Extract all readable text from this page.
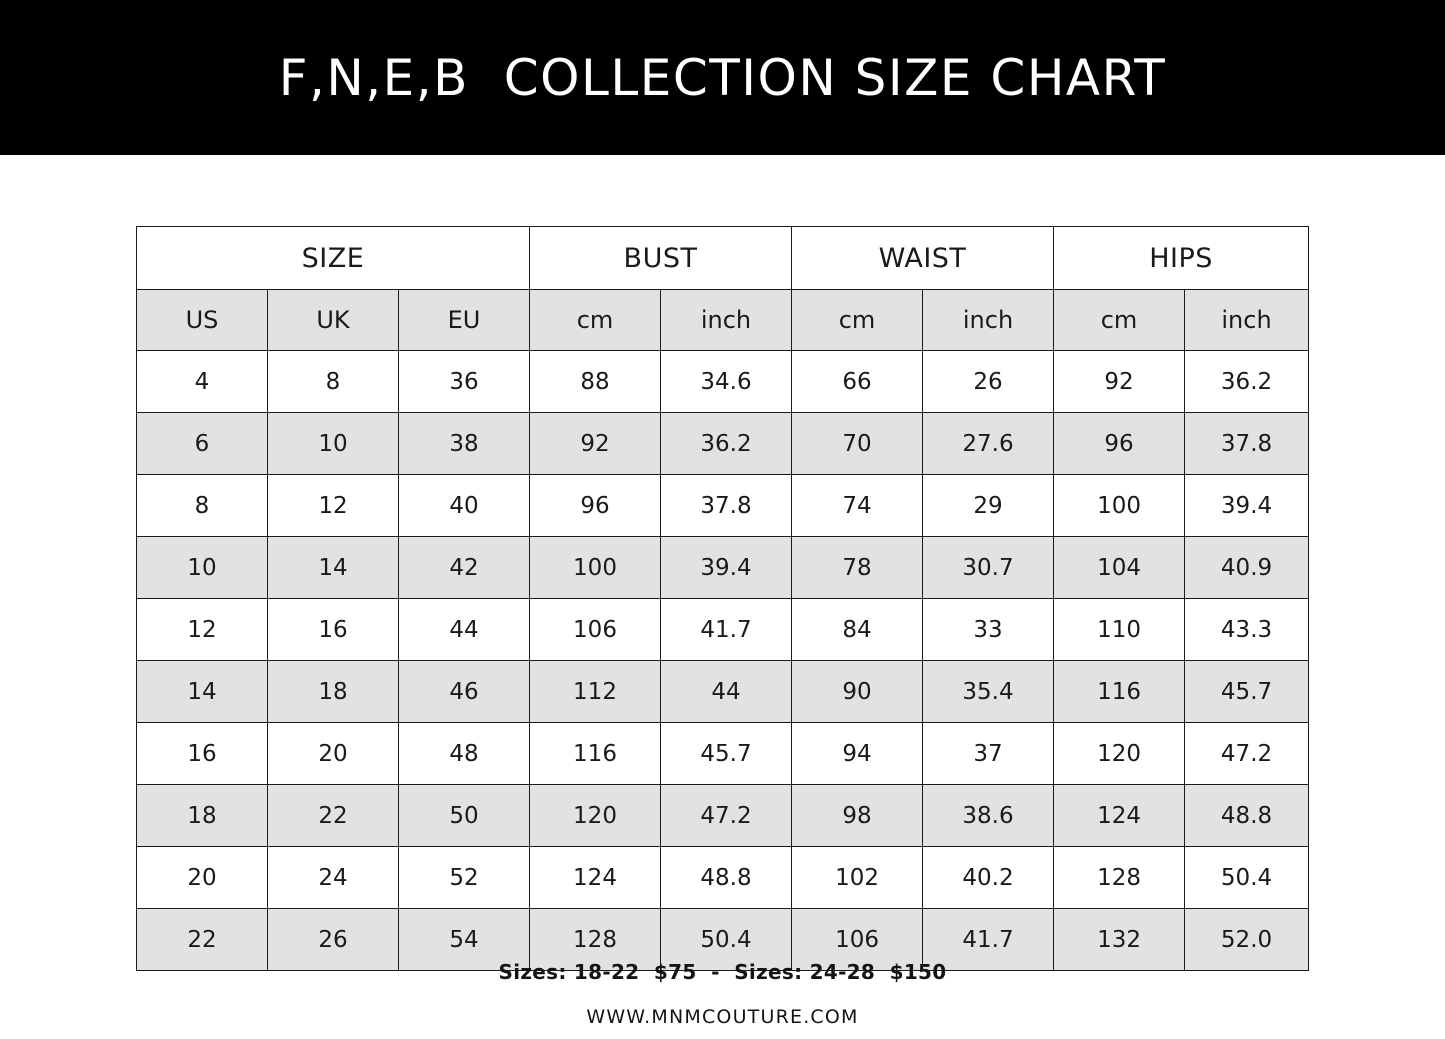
F,N,E,B  COLLECTION SIZE CHART
SIZE			BUST		WAIST		HIPS	
US	UK	EU	cm	inch	cm	inch	cm	inch
4	8	36	88	34.6	66	26	92	36.2
6	10	38	92	36.2	70	27.6	96	37.8
8	12	40	96	37.8	74	29	100	39.4
10	14	42	100	39.4	78	30.7	104	40.9
12	16	44	106	41.7	84	33	110	43.3
14	18	46	112	44	90	35.4	116	45.7
16	20	48	116	45.7	94	37	120	47.2
18	22	50	120	47.2	98	38.6	124	48.8
20	24	52	124	48.8	102	40.2	128	50.4
22	26	54	128	50.4	106	41.7	132	52.0
Sizes: 18-22  $75  -  Sizes: 24-28  $150
WWW.MNMCOUTURE.COM
